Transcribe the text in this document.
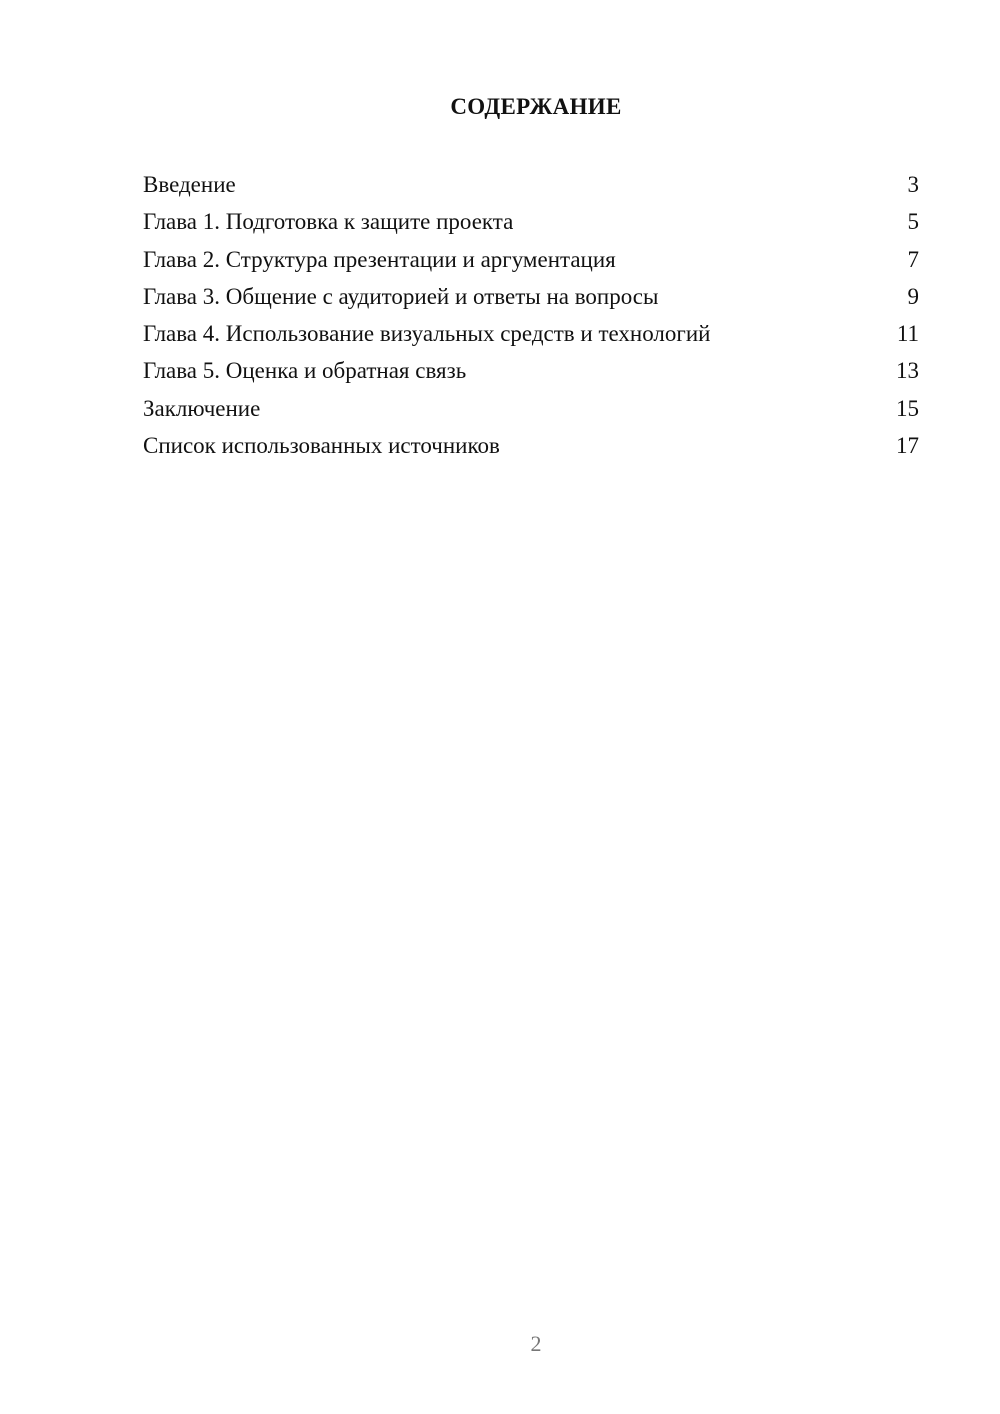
СОДЕРЖАНИЕ
Введение	3
Глава 1. Подготовка к защите проекта	5
Глава 2. Структура презентации и аргументация	7
Глава 3. Общение с аудиторией и ответы на вопросы	9
Глава 4. Использование визуальных средств и технологий	11
Глава 5. Оценка и обратная связь	13
Заключение	15
Список использованных источников	17
2
